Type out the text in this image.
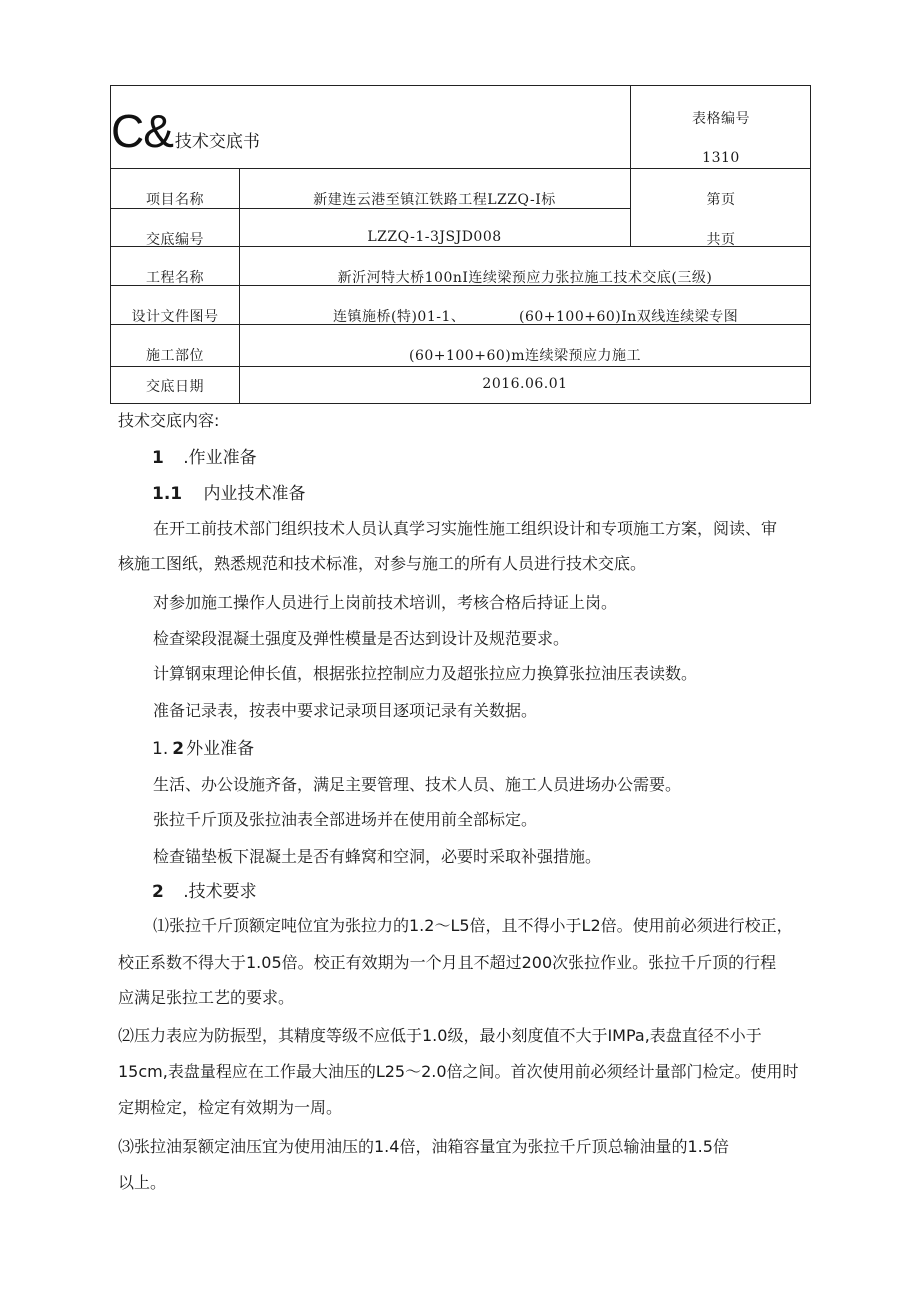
C& 技术交底书
表格编号
1310
项目名称	新建连云港至镇江铁路工程LZZQ-I标	第页
交底编号	LZZQ-1-3JSJD008	共页
工程名称	新沂河特大桥100nI连续梁预应力张拉施工技术交底(三级)
设计文件图号	连镇施桥(特)01-1、	(60+100+60)In双线连续梁专图
施工部位	(60+100+60)m连续梁预应力施工
交底日期	2016.06.01
技术交底内容:
1 .作业准备
1.1 内业技术准备
在开工前技术部门组织技术人员认真学习实施性施工组织设计和专项施工方案，阅读、审
核施工图纸，熟悉规范和技术标准，对参与施工的所有人员进行技术交底。
对参加施工操作人员进行上岗前技术培训，考核合格后持证上岗。
检查梁段混凝土强度及弹性模量是否达到设计及规范要求。
计算钢束理论伸长值，根据张拉控制应力及超张拉应力换算张拉油压表读数。
准备记录表，按表中要求记录项目逐项记录有关数据。
1. 2 外业准备
生活、办公设施齐备，满足主要管理、技术人员、施工人员进场办公需要。
张拉千斤顶及张拉油表全部进场并在使用前全部标定。
检查锚垫板下混凝土是否有蜂窝和空洞，必要时采取补强措施。
2 .技术要求
⑴张拉千斤顶额定吨位宜为张拉力的1.2〜L5倍，且不得小于L2倍。使用前必须进行校正，
校正系数不得大于1.05倍。校正有效期为一个月且不超过200次张拉作业。张拉千斤顶的行程
应满足张拉工艺的要求。
⑵压力表应为防振型，其精度等级不应低于1.0级，最小刻度值不大于IMPa,表盘直径不小于
15cm,表盘量程应在工作最大油压的L25〜2.0倍之间。首次使用前必须经计量部门检定。使用时
定期检定，检定有效期为一周。
⑶张拉油泵额定油压宜为使用油压的1.4倍，油箱容量宜为张拉千斤顶总输油量的1.5倍
以上。
